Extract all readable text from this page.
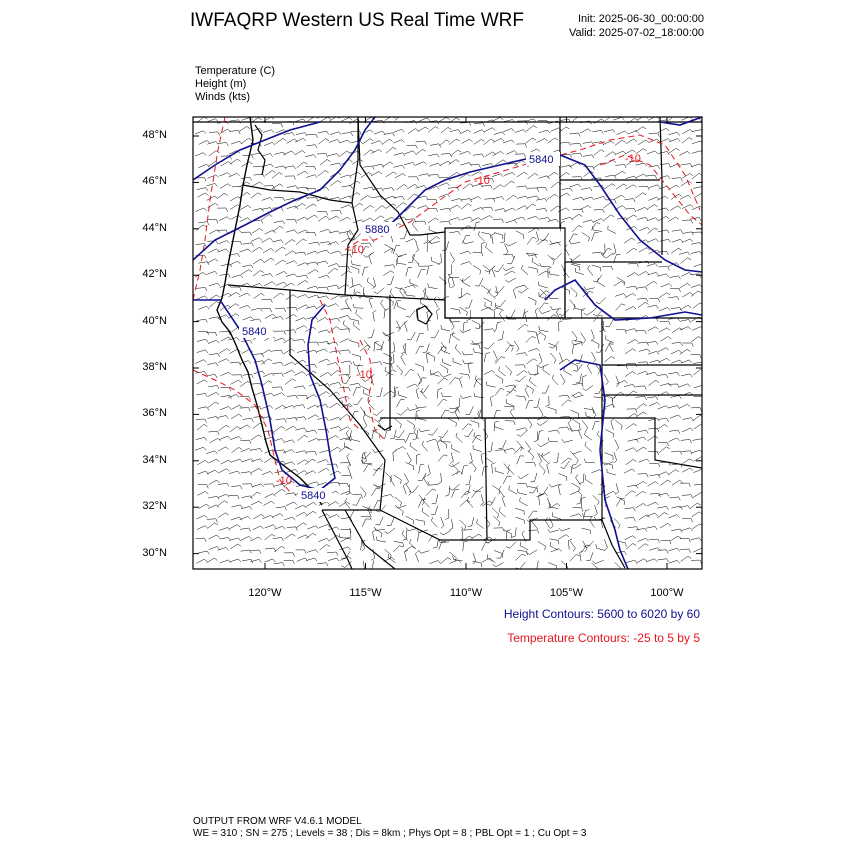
IWFAQRP Western US Real Time WRF	Init: 2025-06-30_00:00:00
Valid: 2025-07-02_18:00:00
Temperature (C)
Height (m)
Winds (kts)
5840
5840
5880
5840
-10
-10
-10
-10
-10
48°N
46°N
44°N
42°N
40°N
38°N
36°N
34°N
32°N
30°N
120°W	115°W	110°W	105°W	100°W
Height Contours: 5600 to 6020 by 60
Temperature Contours: -25 to 5 by 5
OUTPUT FROM WRF V4.6.1 MODEL
WE = 310 ; SN = 275 ; Levels = 38 ; Dis = 8km ; Phys Opt = 8 ; PBL Opt = 1 ; Cu Opt = 3
